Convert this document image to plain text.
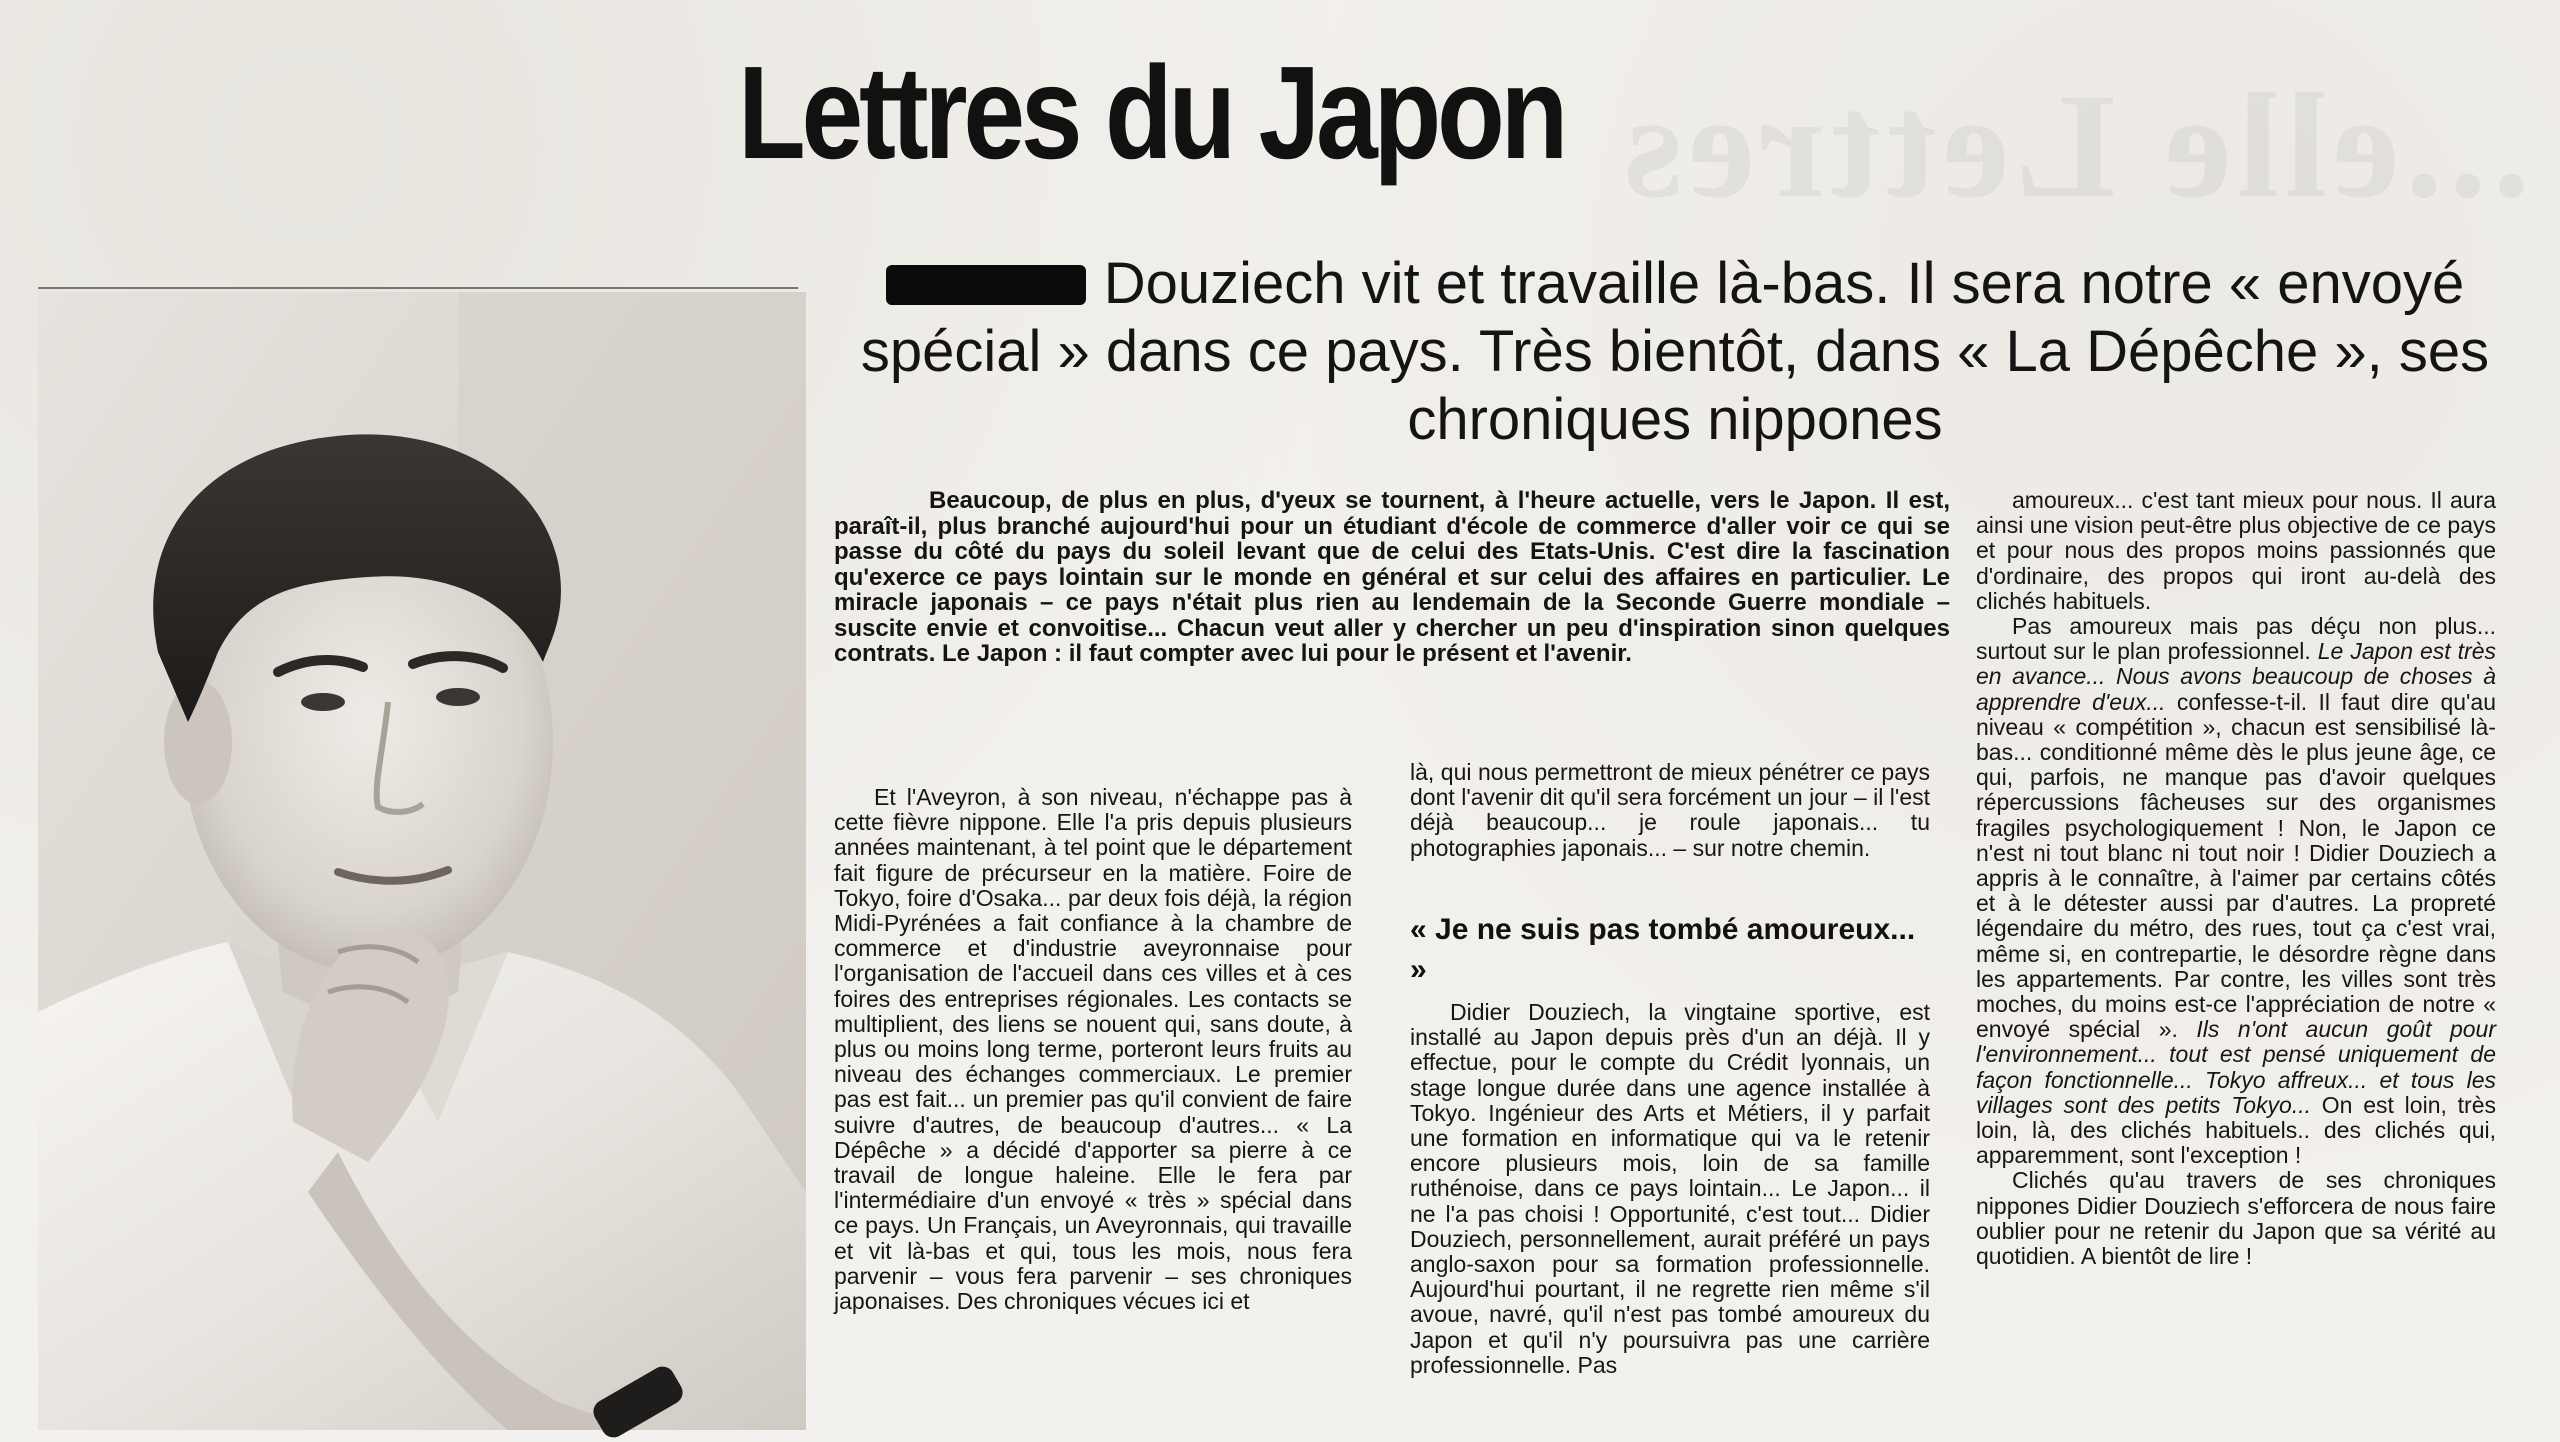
...elle Lettres
Lettres du Japon

Douziech vit et travaille là-bas. Il sera notre « envoyé spécial » dans ce pays. Très bientôt, dans « La Dépêche », ses chroniques nippones

Beaucoup, de plus en plus, d'yeux se tournent, à l'heure actuelle, vers le Japon. Il est, paraît-il, plus branché aujourd'hui pour un étudiant d'école de commerce d'aller voir ce qui se passe du côté du pays du soleil levant que de celui des Etats-Unis. C'est dire la fascination qu'exerce ce pays lointain sur le monde en général et sur celui des affaires en particulier. Le miracle japonais – ce pays n'était plus rien au lendemain de la Seconde Guerre mondiale – suscite envie et convoitise... Chacun veut aller y chercher un peu d'inspiration sinon quelques contrats. Le Japon : il faut compter avec lui pour le présent et l'avenir.

Et l'Aveyron, à son niveau, n'échappe pas à cette fièvre nippone. Elle l'a pris depuis plusieurs années maintenant, à tel point que le département fait figure de précurseur en la matière. Foire de Tokyo, foire d'Osaka... par deux fois déjà, la région Midi-Pyrénées a fait confiance à la chambre de commerce et d'industrie aveyronnaise pour l'organisation de l'accueil dans ces villes et à ces foires des entreprises régionales. Les contacts se multiplient, des liens se nouent qui, sans doute, à plus ou moins long terme, porteront leurs fruits au niveau des échanges commerciaux. Le premier pas est fait... un premier pas qu'il convient de faire suivre d'autres, de beaucoup d'autres... « La Dépêche » a décidé d'apporter sa pierre à ce travail de longue haleine. Elle le fera par l'intermédiaire d'un envoyé « très » spécial dans ce pays. Un Français, un Aveyronnais, qui travaille et vit là-bas et qui, tous les mois, nous fera parvenir – vous fera parvenir – ses chroniques japonaises. Des chroniques vécues ici et

là, qui nous permettront de mieux pénétrer ce pays dont l'avenir dit qu'il sera forcément un jour – il l'est déjà beaucoup... je roule japonais... tu photographies japonais... – sur notre chemin.

« Je ne suis pas tombé amoureux... »

Didier Douziech, la vingtaine sportive, est installé au Japon depuis près d'un an déjà. Il y effectue, pour le compte du Crédit lyonnais, un stage longue durée dans une agence installée à Tokyo. Ingénieur des Arts et Métiers, il y parfait une formation en informatique qui va le retenir encore plusieurs mois, loin de sa famille ruthénoise, dans ce pays lointain... Le Japon... il ne l'a pas choisi ! Opportunité, c'est tout... Didier Douziech, personnellement, aurait préféré un pays anglo-saxon pour sa formation professionnelle. Aujourd'hui pourtant, il ne regrette rien même s'il avoue, navré, qu'il n'est pas tombé amoureux du Japon et qu'il n'y poursuivra pas une carrière professionnelle. Pas

amoureux... c'est tant mieux pour nous. Il aura ainsi une vision peut-être plus objective de ce pays et pour nous des propos moins passionnés que d'ordinaire, des propos qui iront au-delà des clichés habituels.

Pas amoureux mais pas déçu non plus... surtout sur le plan professionnel. Le Japon est très en avance... Nous avons beaucoup de choses à apprendre d'eux... confesse-t-il. Il faut dire qu'au niveau « compétition », chacun est sensibilisé là-bas... conditionné même dès le plus jeune âge, ce qui, parfois, ne manque pas d'avoir quelques répercussions fâcheuses sur des organismes fragiles psychologiquement ! Non, le Japon ce n'est ni tout blanc ni tout noir ! Didier Douziech a appris à le connaître, à l'aimer par certains côtés et à le détester aussi par d'autres. La propreté légendaire du métro, des rues, tout ça c'est vrai, même si, en contrepartie, le désordre règne dans les appartements. Par contre, les villes sont très moches, du moins est-ce l'appréciation de notre « envoyé spécial ». Ils n'ont aucun goût pour l'environnement... tout est pensé uniquement de façon fonctionnelle... Tokyo affreux... et tous les villages sont des petits Tokyo... On est loin, très loin, là, des clichés habituels.. des clichés qui, apparemment, sont l'exception !

Clichés qu'au travers de ses chroniques nippones Didier Douziech s'efforcera de nous faire oublier pour ne retenir du Japon que sa vérité au quotidien. A bientôt de lire !
